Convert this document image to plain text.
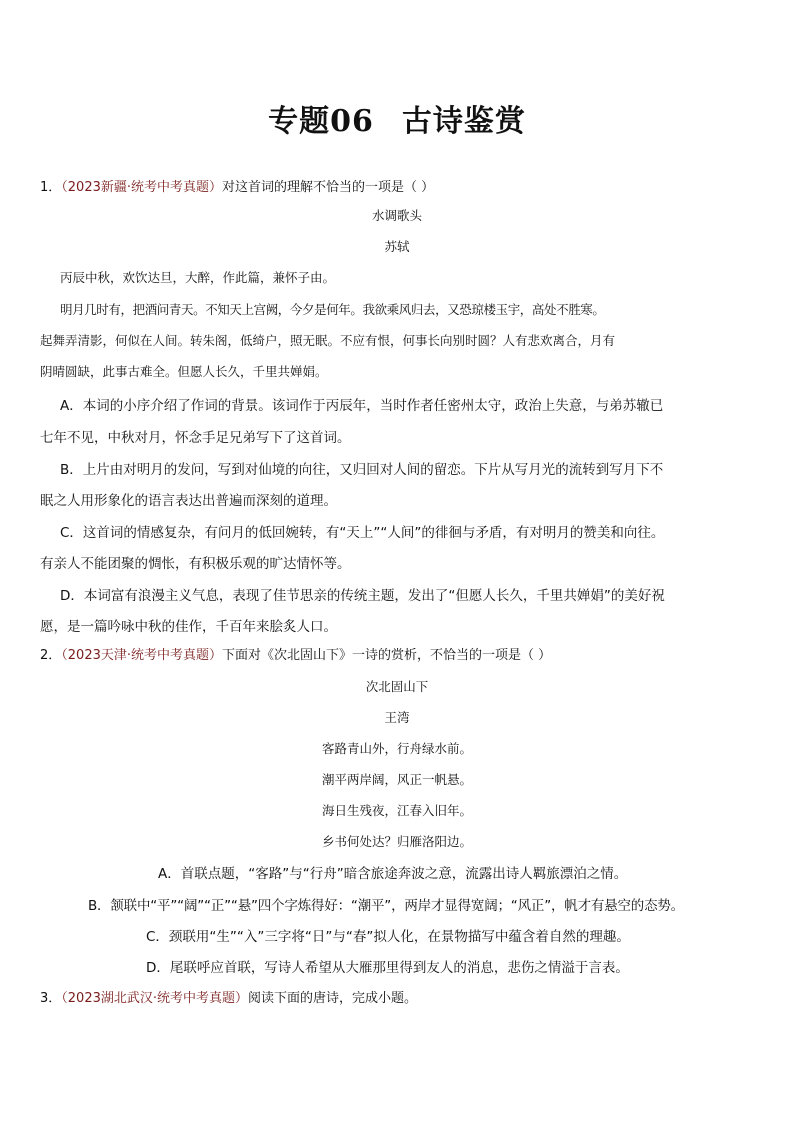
专题06 古诗鉴赏
1．（2023新疆·统考中考真题）对这首词的理解不恰当的一项是（ ）
水调歌头
苏轼
丙辰中秋，欢饮达旦，大醉，作此篇，兼怀子由。
明月几时有，把酒问青天。不知天上宫阙，今夕是何年。我欲乘风归去，又恐琼楼玉宇，高处不胜寒。
起舞弄清影，何似在人间。转朱阁，低绮户，照无眠。不应有恨，何事长向别时圆？人有悲欢离合，月有
阴晴圆缺，此事古难全。但愿人长久，千里共婵娟。
A．本词的小序介绍了作词的背景。该词作于丙辰年，当时作者任密州太守，政治上失意，与弟苏辙已
七年不见，中秋对月，怀念手足兄弟写下了这首词。
B．上片由对明月的发问，写到对仙境的向往，又归回对人间的留恋。下片从写月光的流转到写月下不
眠之人用形象化的语言表达出普遍而深刻的道理。
C．这首词的情感复杂，有问月的低回婉转，有“天上”“人间”的徘徊与矛盾，有对明月的赞美和向往。
有亲人不能团聚的惆怅，有积极乐观的旷达情怀等。
D．本词富有浪漫主义气息，表现了佳节思亲的传统主题，发出了“但愿人长久，千里共婵娟”的美好祝
愿，是一篇吟咏中秋的佳作，千百年来脍炙人口。
2．（2023天津·统考中考真题）下面对《次北固山下》一诗的赏析，不恰当的一项是（ ）
次北固山下
王湾
客路青山外，行舟绿水前。
潮平两岸阔，风正一帆悬。
海日生残夜，江春入旧年。
乡书何处达？归雁洛阳边。
A．首联点题，“客路”与“行舟”暗含旅途奔波之意，流露出诗人羁旅漂泊之情。
B．颔联中“平”“阔”“正”“悬”四个字炼得好：“潮平”，两岸才显得宽阔；“风正”，帆才有悬空的态势。
C．颈联用“生”“入”三字将“日”与“春”拟人化，在景物描写中蕴含着自然的理趣。
D．尾联呼应首联，写诗人希望从大雁那里得到友人的消息，悲伤之情溢于言表。
3．（2023湖北武汉·统考中考真题）阅读下面的唐诗，完成小题。
